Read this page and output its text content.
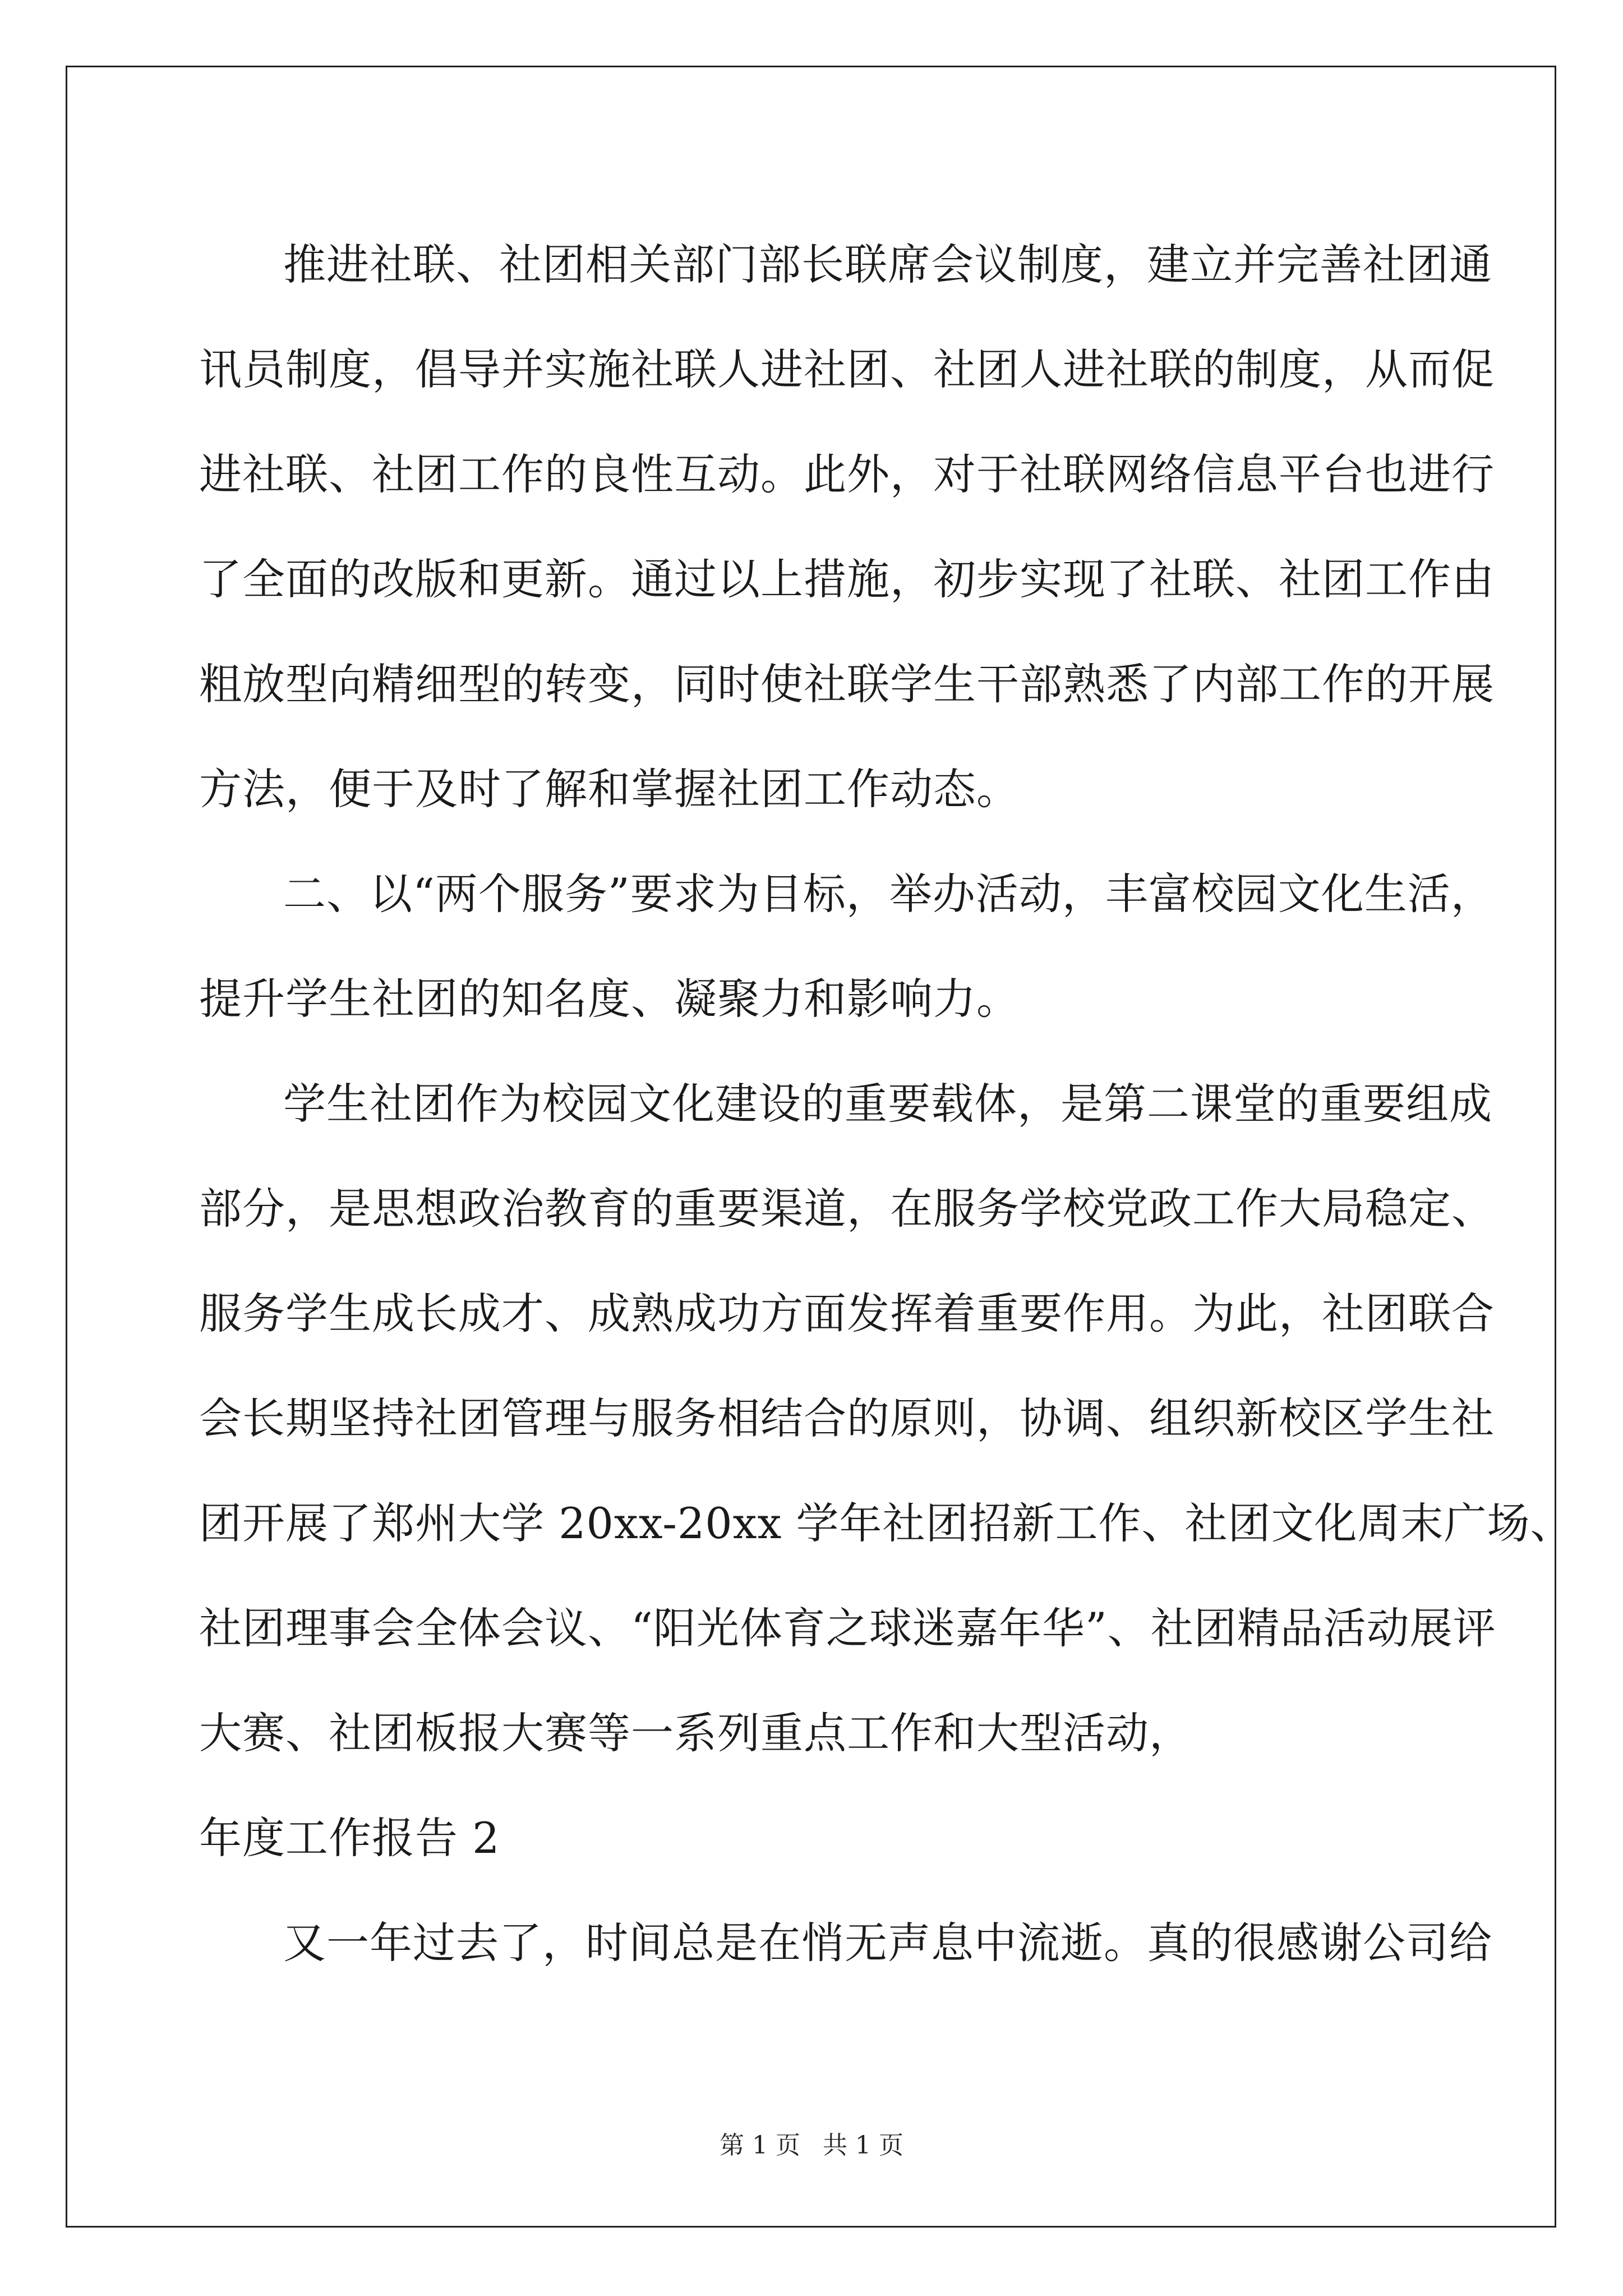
推进社联、社团相关部门部长联席会议制度，建立并完善社团通
讯员制度，倡导并实施社联人进社团、社团人进社联的制度，从而促
进社联、社团工作的良性互动。此外，对于社联网络信息平台也进行
了全面的改版和更新。通过以上措施，初步实现了社联、社团工作由
粗放型向精细型的转变，同时使社联学生干部熟悉了内部工作的开展
方法，便于及时了解和掌握社团工作动态。
二、以“两个服务”要求为目标，举办活动，丰富校园文化生活，
提升学生社团的知名度、凝聚力和影响力。
学生社团作为校园文化建设的重要载体，是第二课堂的重要组成
部分，是思想政治教育的重要渠道，在服务学校党政工作大局稳定、
服务学生成长成才、成熟成功方面发挥着重要作用。为此，社团联合
会长期坚持社团管理与服务相结合的原则，协调、组织新校区学生社
团开展了郑州大学 20xx-20xx 学年社团招新工作、社团文化周末广场、
社团理事会全体会议、“阳光体育之球迷嘉年华”、社团精品活动展评
大赛、社团板报大赛等一系列重点工作和大型活动，
年度工作报告 2
又一年过去了，时间总是在悄无声息中流逝。真的很感谢公司给
第 1 页 共 1 页
